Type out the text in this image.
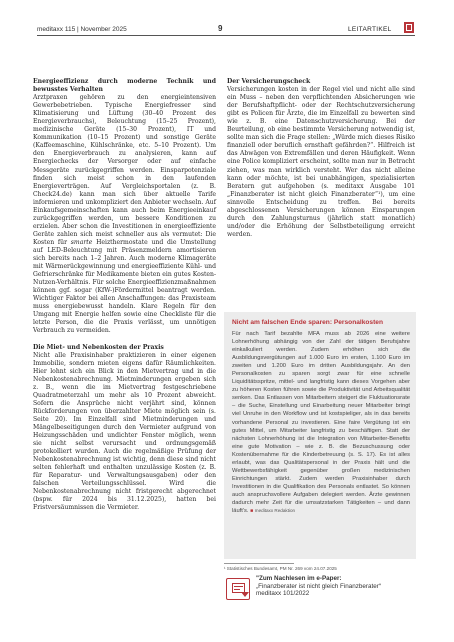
meditaxx 115 | November 2025	9	LEITARTIKEL

Energieeffizienz durch moderne Technik und bewusstes Verhalten

Arztpraxen gehören zu den energieintensiven Gewerbebetrieben. Typische Energiefresser sind Klimatisierung und Lüftung (30–40 Prozent des Energieverbrauchs), Beleuchtung (15–25 Prozent), medizinische Geräte (15–30 Prozent), IT und Kommunikation (10–15 Prozent) und sonstige Geräte (Kaffeemaschine, Kühlschränke, etc. 5–10 Prozent). Um den Energieverbrauch zu analysieren, kann auf Energiechecks der Versorger oder auf einfache Messgeräte zurückgegriffen werden. Einsparpotenziale finden sich meist schon in den laufenden Energieverträgen. Auf Vergleichsportalen (z. B. Check24.de) kann man sich über aktuelle Tarife informieren und unkompliziert den Anbieter wechseln. Auf Einkaufsgemeinschaften kann auch beim Energieeinkauf zurückgegriffen werden, um bessere Konditionen zu erzielen. Aber schon die Investitionen in energieeffiziente Geräte zahlen sich meist schneller aus als vermutet: Die Kosten für smarte Heizthermostate und die Umstellung auf LED-Beleuchtung mit Präsenzmeldern amortisieren sich bereits nach 1–2 Jahren. Auch moderne Klimageräte mit Wärmerückgewinnung und energieeffiziente Kühl- und Gefrierschränke für Medikamente bieten ein gutes Kosten-Nutzen-Verhältnis. Für solche Energieeffizienzmaßnahmen können ggf. sogar (KfW-)Fördermittel beantragt werden. Wichtiger Faktor bei allen Anschaffungen: das Praxisteam muss energiebewusst handeln. Klare Regeln für den Umgang mit Energie helfen sowie eine Checkliste für die letzte Person, die die Praxis verlässt, um unnötigen Verbrauch zu vermeiden.

Die Miet- und Nebenkosten der Praxis

Nicht alle Praxisinhaber praktizieren in einer eigenen Immobilie, sondern mieten eigens dafür Räumlichkeiten. Hier lohnt sich ein Blick in den Mietvertrag und in die Nebenkostenabrechnung. Mietminderungen ergeben sich z. B., wenn die im Mietvertrag festgeschriebene Quadratmeterzahl um mehr als 10 Prozent abweicht. Sofern die Ansprüche nicht verjährt sind, können Rückforderungen von überzahlter Miete möglich sein (s. Seite 20). Im Einzelfall sind Mietminderungen und Mängelbeseitigungen durch den Vermieter aufgrund von Heizungsschäden und undichter Fenster möglich, wenn sie nicht selbst verursacht und ordnungsgemäß protokolliert wurden. Auch die regelmäßige Prüfung der Nebenkostenabrechnung ist wichtig, denn diese sind nicht selten fehlerhaft und enthalten unzulässige Kosten (z. B. für Reparatur- und Verwaltungsausgaben) oder den falschen Verteilungsschlüssel. Wird die Nebenkostenabrechnung nicht fristgerecht abgerechnet (bspw. für 2024 bis 31.12.2025), hatten bei Fristversäumnissen die Vermieter.

Der Versicherungscheck

Versicherungen kosten in der Regel viel und nicht alle sind ein Muss – neben den verpflichtenden Absicherungen wie der Berufshaftpflicht- oder der Rechtschutzversicherung gibt es Policen für Ärzte, die im Einzelfall zu bewerten sind wie z. B. eine Datenschutzversicherung. Bei der Beurteilung, ob eine bestimmte Versicherung notwendig ist, sollte man sich die Frage stellen: „Würde mich dieses Risiko finanziell oder beruflich ernsthaft gefährden?“. Hilfreich ist das Abwägen von Extremfällen und deren Häufigkeit. Wenn eine Police kompliziert erscheint, sollte man nur in Betracht ziehen, was man wirklich versteht. Wer das nicht alleine kann oder möchte, ist bei unabhängigen, spezialisierten Beratern gut aufgehoben (s. meditaxx Ausgabe 101 „Finanzberater ist nicht gleich Finanzberater“¹), um eine sinnvolle Entscheidung zu treffen. Bei bereits abgeschlossenen Versicherungen können Einsparungen durch den Zahlungsturnus (jährlich statt monatlich) und/oder die Erhöhung der Selbstbeteiligung erreicht werden.

Nicht am falschen Ende sparen: Personalkosten

Für nach Tarif bezahlte MFA muss ab 2026 eine weitere Lohnerhöhung abhängig von der Zahl der tätigen Berufsjahre einkalkuliert werden. Zudem erhöhen sich die Ausbildungsvergütungen auf 1.000 Euro im ersten, 1.100 Euro im zweiten und 1.200 Euro im dritten Ausbildungsjahr. An den Personalkosten zu sparen sorgt zwar für eine schnelle Liquiditätsspritze, mittel- und langfristig kann dieses Vorgehen aber zu höheren Kosten führen sowie die Produktivität und Arbeitsqualität senken. Das Entlassen von Mitarbeitern steigert die Fluktuationsrate – die Suche, Einstellung und Einarbeitung neuer Mitarbeiter bringt viel Unruhe in den Workflow und ist kostspieliger, als in das bereits vorhandene Personal zu investieren. Eine faire Vergütung ist ein gutes Mittel, um Mitarbeiter langfristig zu beschäftigen. Statt der nächsten Lohnerhöhung ist die Integration von Mitarbeiter-Benefits eine gute Motivation – wie z. B. die Bezuschussung oder Kostenübernahme für die Kinderbetreuung (s. S. 17). Es ist alles erlaubt, was das Qualitätspersonal in der Praxis hält und die Wettbewerbsfähigkeit gegenüber großen medizinischen Einrichtungen stärkt. Zudem werden Praxisinhaber durch Investitionen in die Qualifikation des Personals entlastet. So können auch anspruchsvollere Aufgaben delegiert werden. Ärzte gewinnen dadurch mehr Zeit für die umsatzstarken Tätigkeiten – und dann läuft’s. ■ meditaxx Redaktion

¹ Statistisches Bundesamt, PM Nr. 269 vom 24.07.2025
"Zum Nachlesen im e-Paper:
„Finanzberater ist nicht gleich Finanzberater“
meditaxx 101/2022
